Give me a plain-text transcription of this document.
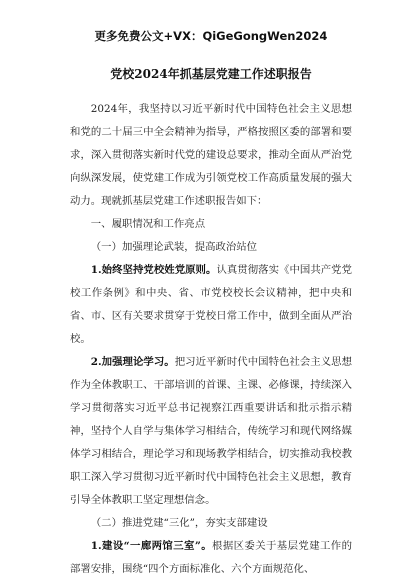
更多免费公文+VX：QiGeGongWen2024
党校2024年抓基层党建工作述职报告

2024年，我坚持以习近平新时代中国特色社会主义思想和党的二十届三中全会精神为指导，严格按照区委的部署和要求，深入贯彻落实新时代党的建设总要求，推动全面从严治党向纵深发展，使党建工作成为引领党校工作高质量发展的强大动力。现就抓基层党建工作述职报告如下：

一、履职情况和工作亮点

（一）加强理论武装，提高政治站位

1.始终坚持党校姓党原则。认真贯彻落实《中国共产党党校工作条例》和中央、省、市党校校长会议精神，把中央和省、市、区有关要求贯穿于党校日常工作中，做到全面从严治校。

2.加强理论学习。把习近平新时代中国特色社会主义思想作为全体教职工、干部培训的首课、主课、必修课，持续深入学习贯彻落实习近平总书记视察江西重要讲话和批示指示精神，坚持个人自学与集体学习相结合，传统学习和现代网络媒体学习相结合，理论学习和现场教学相结合，切实推动我校教职工深入学习贯彻习近平新时代中国特色社会主义思想，教育引导全体教职工坚定理想信念。

（二）推进党建“三化”，夯实支部建设

1.建设“一廊两馆三室”。根据区委关于基层党建工作的部署安排，围绕“四个方面标准化、六个方面规范化、
